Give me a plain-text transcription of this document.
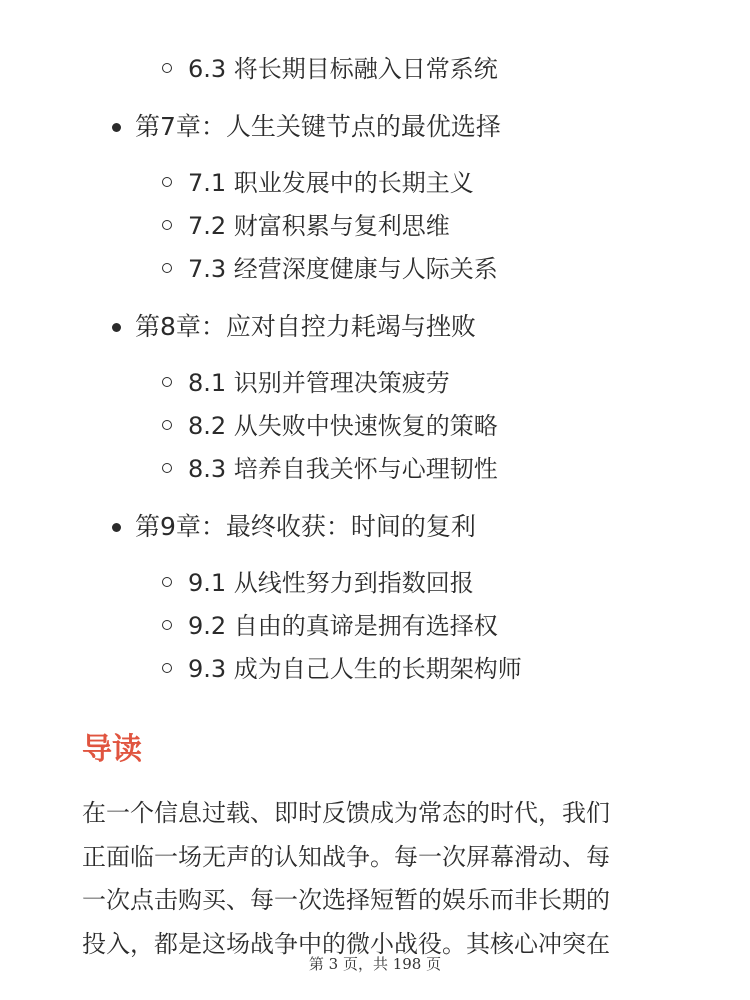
6.3 将长期目标融入日常系统
第7章：人生关键节点的最优选择
7.1 职业发展中的长期主义
7.2 财富积累与复利思维
7.3 经营深度健康与人际关系
第8章：应对自控力耗竭与挫败
8.1 识别并管理决策疲劳
8.2 从失败中快速恢复的策略
8.3 培养自我关怀与心理韧性
第9章：最终收获：时间的复利
9.1 从线性努力到指数回报
9.2 自由的真谛是拥有选择权
9.3 成为自己人生的长期架构师
导读
在一个信息过载、即时反馈成为常态的时代，我们
正面临一场无声的认知战争。每一次屏幕滑动、每
一次点击购买、每一次选择短暂的娱乐而非长期的
投入，都是这场战争中的微小战役。其核心冲突在
第 3 页，共 198 页
